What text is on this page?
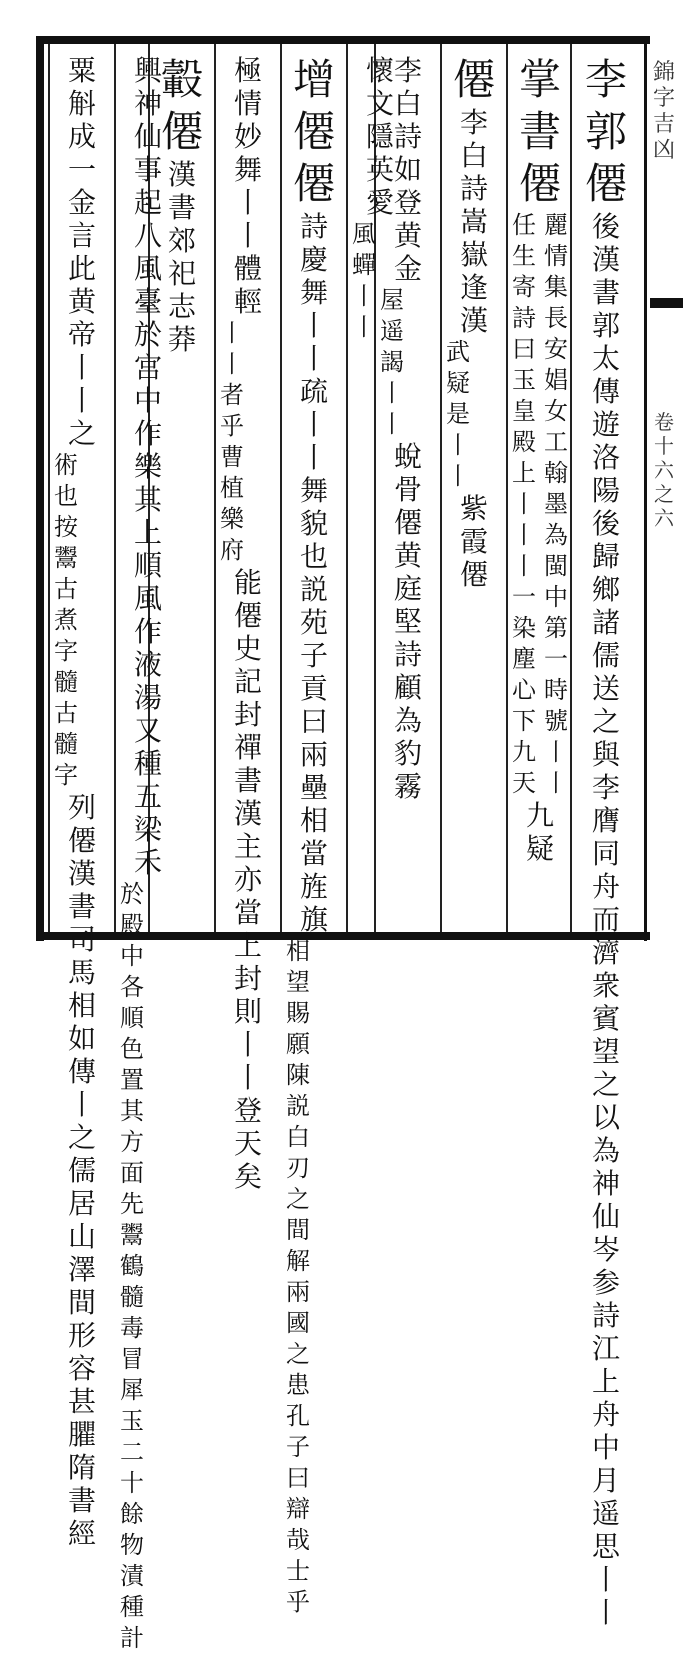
錦字吉凶
卷十六之六
李
郭
僊
後
漢
書
郭
太
傳
遊
洛
陽
後
歸
鄉
諸
儒
送
之
與
李
膺
同
舟
而
濟
衆
賓
望
之
以
為
神
仙
岑
参
詩
江
上
舟
中
月
遥
思
丨
丨
掌
書
僊

任

生

寄

詩

曰

玉

皇

殿

上

丨

丨

丨

一

染

塵

心

下

九

天

麗

情

集

長

安

娼

女

工

翰

墨

為

閩

中

第

一

時

號

丨

丨

九
疑
僊
李
白
詩
嵩
嶽
逢
漢

武

疑

是

丨

丨

紫
霞
僊
李
白
詩
如
登
黄
金

屋

遥

謁

丨

丨

蛻
骨
僊
黄
庭
堅
詩
顧
為
豹
霧
懷
文
隱
英
愛

風

蟬

丨

丨

增
僊
僊
詩
慶
舞
丨
丨
疏
丨
丨
舞
貌
也
説
苑
子
貢
曰
兩
壘
相
當
旌
旗

相

望

賜

願

陳

説

白

刃

之

間

解

兩

國

之

患

孔

子

曰

辯

哉

士

乎

極
情
妙
舞
丨
丨
體
輕

丨

丨

者

乎

曹

植

樂

府

能
僊
史
記
封
禪
書
漢
主
亦
當
上
封
則
丨
丨
登
天
矣
轂
僊
漢
書
郊
祀
志
莽
興
神
仙
事
起
八
風
臺
於
宫
中
作
樂
其
上
順
風
作
液
湯
又
種
五
梁
禾

於

殿

中

各

順

色

置

其

方

面

先

鬻

鶴

髓

毒

冒

犀

玉

二

十

餘

物

漬

種

計

粟
斛
成
一
金
言
此
黄
帝
丨
丨
之

術

也

按

鬻

古

煮

字

髓

古

髓

字

列
僊
漢
書
司
馬
相
如
傳
丨
之
儒
居
山
澤
間
形
容
甚
臞
隋
書
經
